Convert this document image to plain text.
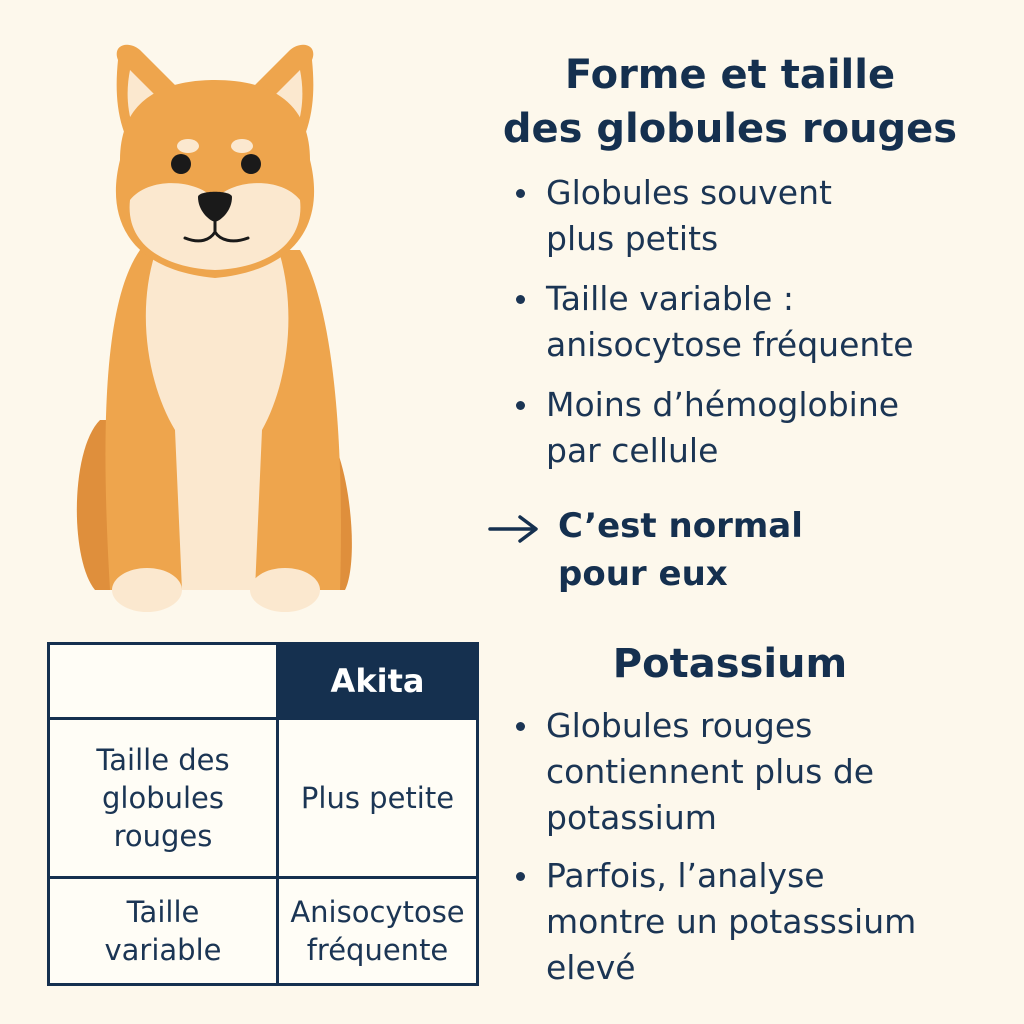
Forme et taille
des globules rouges
Globules souvent
plus petits
Taille variable :
anisocytose fréquente
Moins d’hémoglobine
par cellule

C’est normal
pour eux

Potassium
Globules rouges
contiennent plus de
potassium
Parfois, l’analyse
montre un potasssium
elevé
	Akita
Taille des
globules
rouges	Plus petite
Taille
variable	Anisocytose
fréquente
